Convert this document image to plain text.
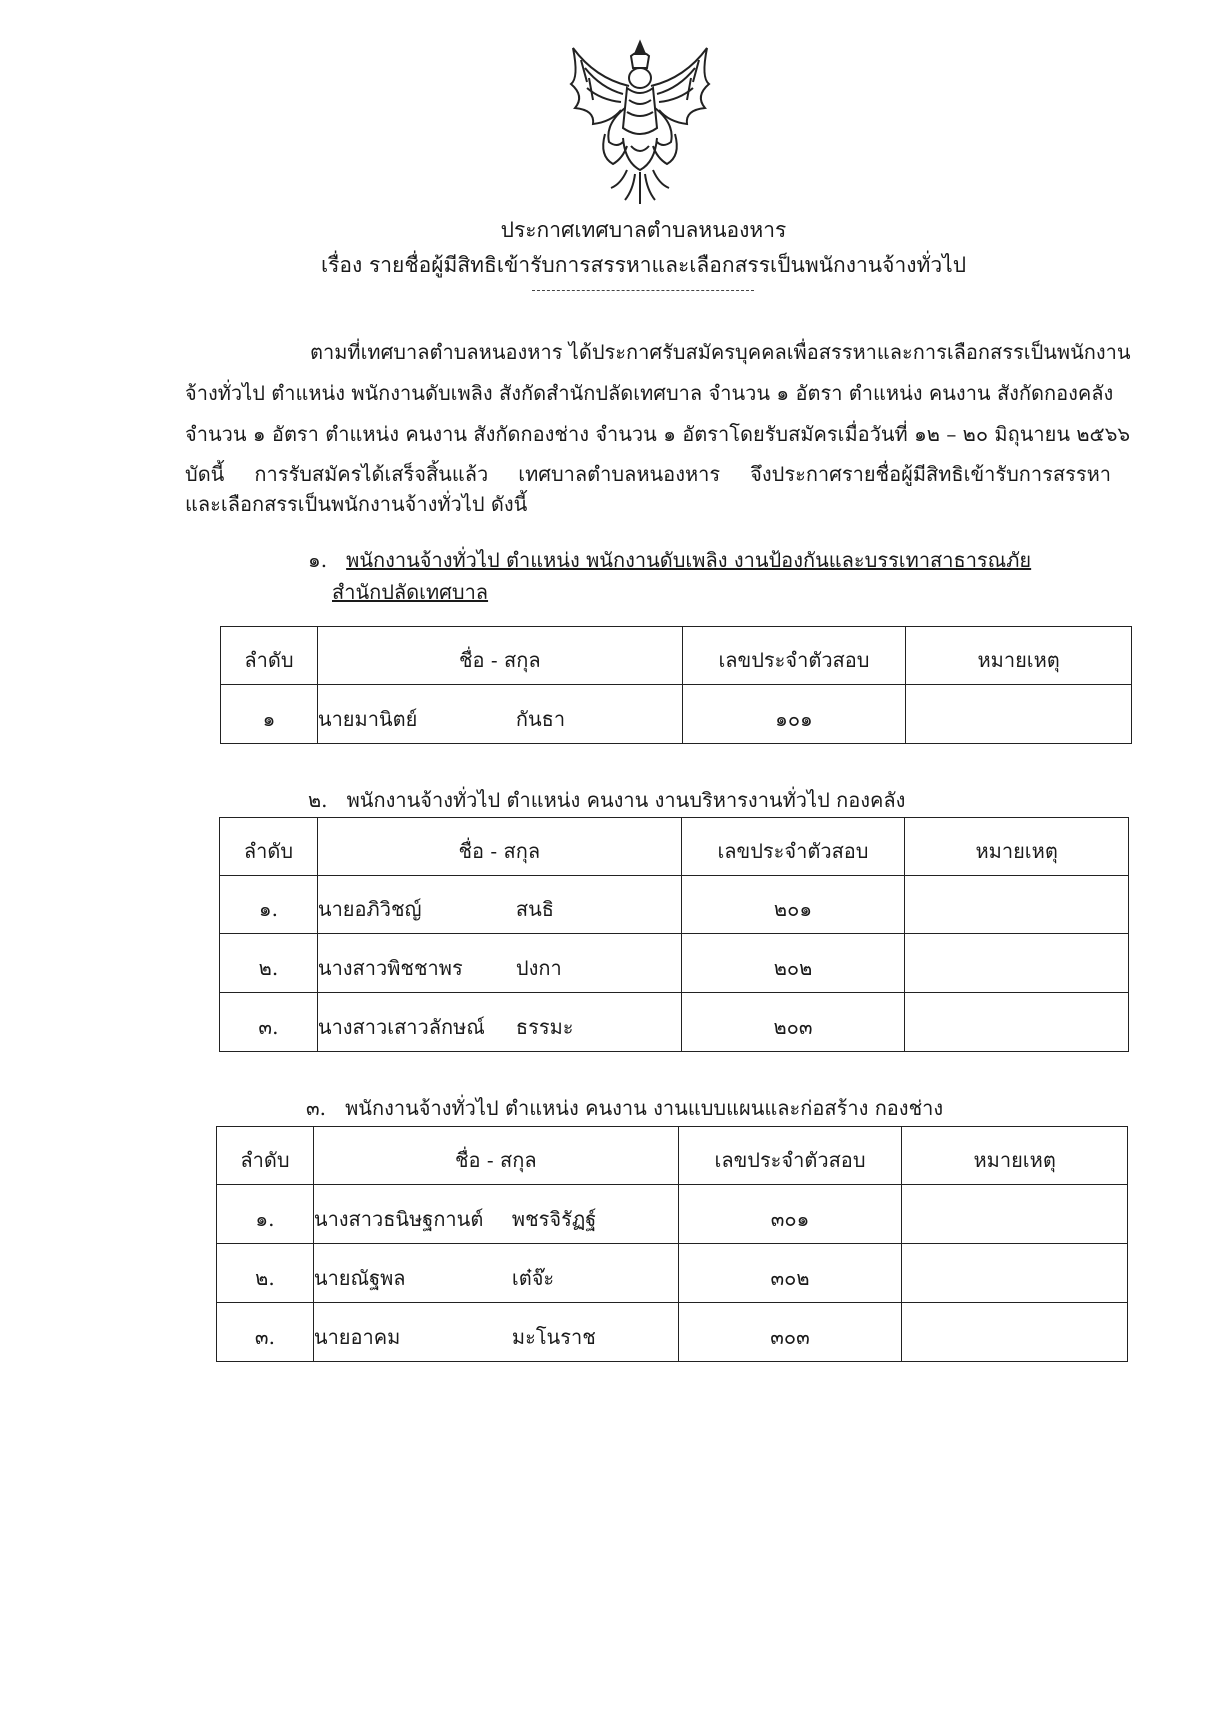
ประกาศเทศบาลตำบลหนองหาร
เรื่อง รายชื่อผู้มีสิทธิเข้ารับการสรรหาและเลือกสรรเป็นพนักงานจ้างทั่วไป
ตามที่เทศบาลตำบลหนองหาร ได้ประกาศรับสมัครบุคคลเพื่อสรรหาและการเลือกสรรเป็นพนักงาน
จ้างทั่วไป ตำแหน่ง พนักงานดับเพลิง สังกัดสำนักปลัดเทศบาล จำนวน ๑ อัตรา ตำแหน่ง คนงาน สังกัดกองคลัง
จำนวน ๑ อัตรา ตำแหน่ง คนงาน สังกัดกองช่าง จำนวน ๑ อัตราโดยรับสมัครเมื่อวันที่ ๑๒ – ๒๐ มิถุนายน ๒๕๖๖
บัดนี้ การรับสมัครได้เสร็จสิ้นแล้ว เทศบาลตำบลหนองหาร จึงประกาศรายชื่อผู้มีสิทธิเข้ารับการสรรหา
และเลือกสรรเป็นพนักงานจ้างทั่วไป ดังนี้
๑. พนักงานจ้างทั่วไป ตำแหน่ง พนักงานดับเพลิง งานป้องกันและบรรเทาสาธารณภัย
สำนักปลัดเทศบาล
ลำดับ	ชื่อ - สกุล	เลขประจำตัวสอบ	หมายเหตุ
๑	นายมานิตย์ กันธา	๑๐๑	
๒. พนักงานจ้างทั่วไป ตำแหน่ง คนงาน งานบริหารงานทั่วไป กองคลัง
ลำดับ	ชื่อ - สกุล	เลขประจำตัวสอบ	หมายเหตุ
๑.	นายอภิวิชญ์ สนธิ	๒๐๑	
๒.	นางสาวพิชชาพร ปงกา	๒๐๒	
๓.	นางสาวเสาวลักษณ์ ธรรมะ	๒๐๓	
๓. พนักงานจ้างทั่วไป ตำแหน่ง คนงาน งานแบบแผนและก่อสร้าง กองช่าง
ลำดับ	ชื่อ - สกุล	เลขประจำตัวสอบ	หมายเหตุ
๑.	นางสาวธนิษฐกานต์ พชรจิรัฏฐ์	๓๐๑	
๒.	นายณัฐพล เต๋จ๊ะ	๓๐๒	
๓.	นายอาคม มะโนราช	๓๐๓	
